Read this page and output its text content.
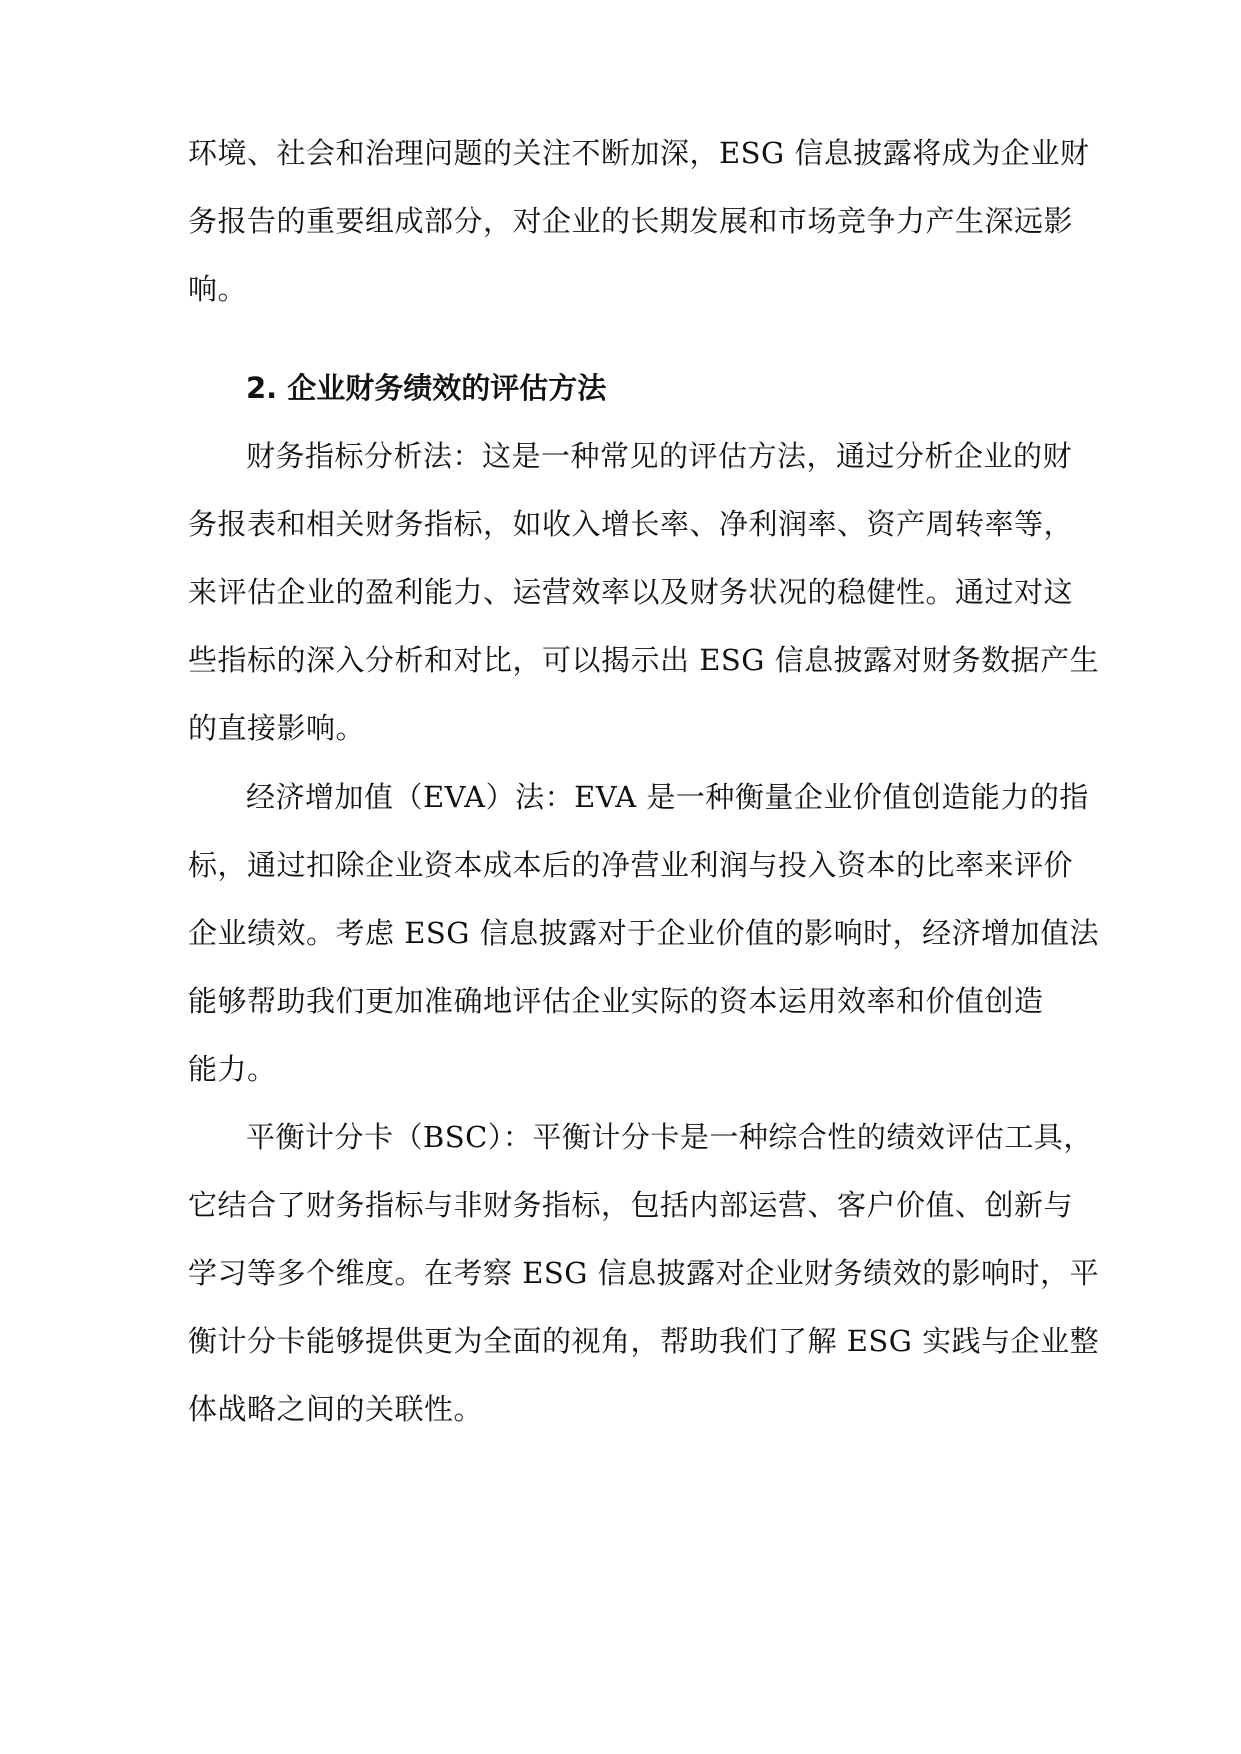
环境、社会和治理问题的关注不断加深，ESG 信息披露将成为企业财
务报告的重要组成部分，对企业的长期发展和市场竞争力产生深远影
响。
2. 企业财务绩效的评估方法
财务指标分析法：这是一种常见的评估方法，通过分析企业的财
务报表和相关财务指标，如收入增长率、净利润率、资产周转率等，
来评估企业的盈利能力、运营效率以及财务状况的稳健性。通过对这
些指标的深入分析和对比，可以揭示出 ESG 信息披露对财务数据产生
的直接影响。
经济增加值（EVA）法：EVA 是一种衡量企业价值创造能力的指
标，通过扣除企业资本成本后的净营业利润与投入资本的比率来评价
企业绩效。考虑 ESG 信息披露对于企业价值的影响时，经济增加值法
能够帮助我们更加准确地评估企业实际的资本运用效率和价值创造
能力。
平衡计分卡（BSC）：平衡计分卡是一种综合性的绩效评估工具，
它结合了财务指标与非财务指标，包括内部运营、客户价值、创新与
学习等多个维度。在考察 ESG 信息披露对企业财务绩效的影响时，平
衡计分卡能够提供更为全面的视角，帮助我们了解 ESG 实践与企业整
体战略之间的关联性。
